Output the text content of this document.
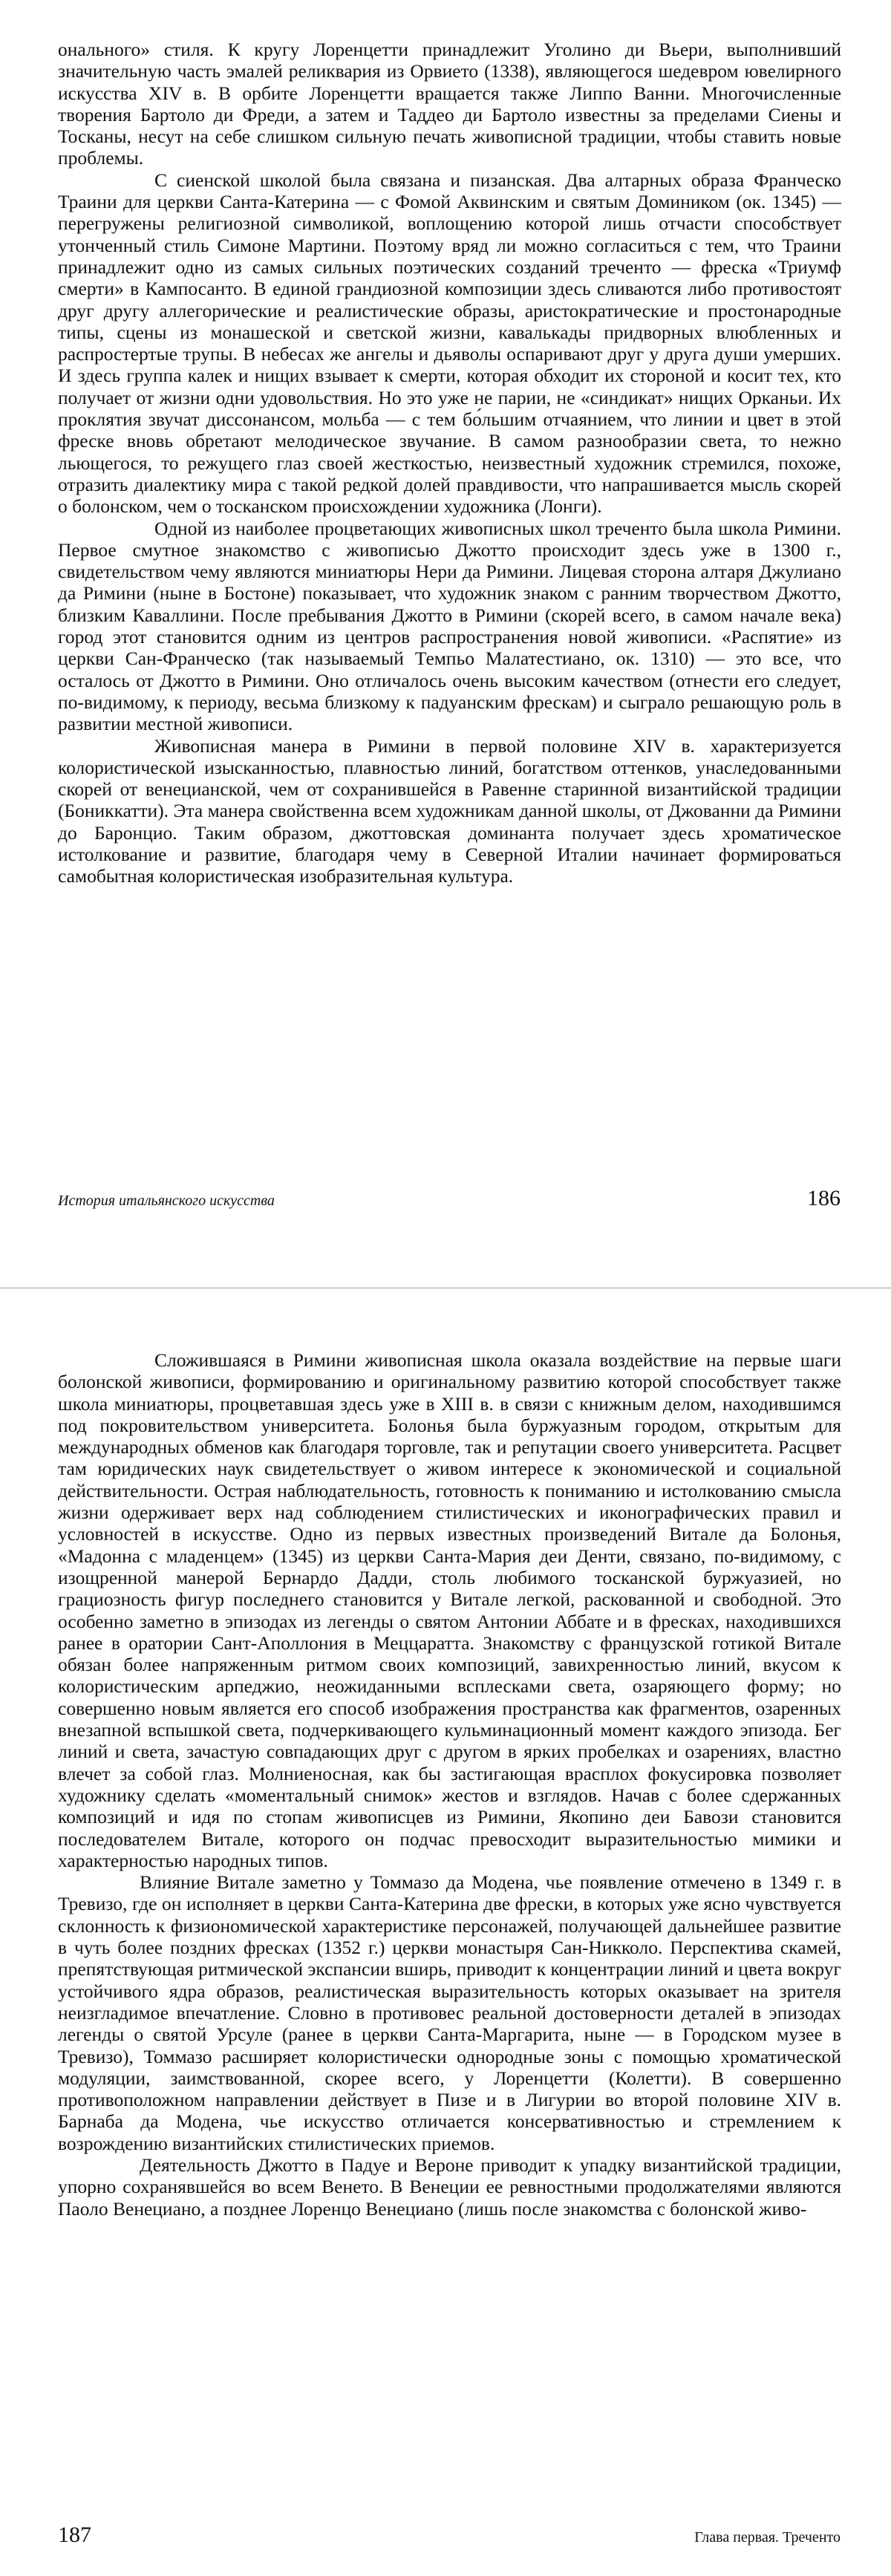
онального» стиля. К кругу Лоренцетти принадлежит Уголино ди Вьери, выполнивший значительную часть эмалей реликвария из Орвието (1338), являющегося шедевром ювелирного искусства XIV в. В орбите Лоренцетти вращается также Липпо Ванни. Многочисленные творения Бартоло ди Фреди, а затем и Таддео ди Бартоло известны за пределами Сиены и Тосканы, несут на себе слишком сильную печать живописной традиции, чтобы ставить новые проблемы.

С сиенской школой была связана и пизанская. Два алтарных образа Франческо Траини для церкви Санта-Катерина — с Фомой Аквинским и святым Домиником (ок. 1345) — перегружены религиозной символикой, воплощению которой лишь отчасти способствует утонченный стиль Симоне Мартини. Поэтому вряд ли можно согласиться с тем, что Траини принадлежит одно из самых сильных поэтических созданий треченто — фреска «Триумф смерти» в Кампосанто. В единой грандиозной композиции здесь сливаются либо противостоят друг другу аллегорические и реалистические образы, аристократические и простонародные типы, сцены из монашеской и светской жизни, кавалькады придворных влюбленных и распростертые трупы. В небесах же ангелы и дьяволы оспаривают друг у друга души умерших. И здесь группа калек и нищих взывает к смерти, которая обходит их стороной и косит тех, кто получает от жизни одни удовольствия. Но это уже не парии, не «синдикат» нищих Орканьи. Их проклятия звучат диссонансом, мольба — с тем бо́льшим отчаянием, что линии и цвет в этой фреске вновь обретают мелодическое звучание. В самом разнообразии света, то нежно льющегося, то режущего глаз своей жесткостью, неизвестный художник стремился, похоже, отразить диалектику мира с такой редкой долей правдивости, что напрашивается мысль скорей о болонском, чем о тосканском происхождении художника (Лонги).

Одной из наиболее процветающих живописных школ треченто была школа Римини. Первое смутное знакомство с живописью Джотто происходит здесь уже в 1300 г., свидетельством чему являются миниатюры Нери да Римини. Лицевая сторона алтаря Джулиано да Римини (ныне в Бостоне) показывает, что художник знаком с ранним творчеством Джотто, близким Каваллини. После пребывания Джотто в Римини (скорей всего, в самом начале века) город этот становится одним из центров распространения новой живописи. «Распятие» из церкви Сан-Франческо (так называемый Темпьо Малатестиано, ок. 1310) — это все, что осталось от Джотто в Римини. Оно отличалось очень высоким качеством (отнести его следует, по-видимому, к периоду, весьма близкому к падуанским фрескам) и сыграло решающую роль в развитии местной живописи.

Живописная манера в Римини в первой половине XIV в. характеризуется колористической изысканностью, плавностью линий, богатством оттенков, унаследованными скорей от венецианской, чем от сохранившейся в Равенне старинной византийской традиции (Бониккатти). Эта манера свойственна всем художникам данной школы, от Джованни да Римини до Баронцио. Таким образом, джоттовская доминанта получает здесь хроматическое истолкование и развитие, благодаря чему в Северной Италии начинает формироваться самобытная колористическая изобразительная культура.

История итальянского искусства	186

Сложившаяся в Римини живописная школа оказала воздействие на первые шаги болонской живописи, формированию и оригинальному развитию которой способствует также школа миниатюры, процветавшая здесь уже в XIII в. в связи с книжным делом, находившимся под покровительством университета. Болонья была буржуазным городом, открытым для международных обменов как благодаря торговле, так и репутации своего университета. Расцвет там юридических наук свидетельствует о живом интересе к экономической и социальной действительности. Острая наблюдательность, готовность к пониманию и истолкованию смысла жизни одерживает верх над соблюдением стилистических и иконографических правил и условностей в искусстве. Одно из первых известных произведений Витале да Болонья, «Мадонна с младенцем» (1345) из церкви Санта-Мария деи Денти, связано, по-видимому, с изощренной манерой Бернардо Дадди, столь любимого тосканской буржуазией, но грациозность фигур последнего становится у Витале легкой, раскованной и свободной. Это особенно заметно в эпизодах из легенды о святом Антонии Аббате и в фресках, находившихся ранее в оратории Сант-Аполлония в Меццаратта. Знакомству с французской готикой Витале обязан более напряженным ритмом своих композиций, завихренностью линий, вкусом к колористическим арпеджио, неожиданными всплесками света, озаряющего форму; но совершенно новым является его способ изображения пространства как фрагментов, озаренных внезапной вспышкой света, подчеркивающего кульминационный момент каждого эпизода. Бег линий и света, зачастую совпадающих друг с другом в ярких пробелках и озарениях, властно влечет за собой глаз. Молниеносная, как бы застигающая врасплох фокусировка позволяет художнику сделать «моментальный снимок» жестов и взглядов. Начав с более сдержанных композиций и идя по стопам живописцев из Римини, Якопино деи Бавози становится последователем Витале, которого он подчас превосходит выразительностью мимики и характерностью народных типов.

Влияние Витале заметно у Томмазо да Модена, чье появление отмечено в 1349 г. в Тревизо, где он исполняет в церкви Санта-Катерина две фрески, в которых уже ясно чувствуется склонность к физиономической характеристике персонажей, получающей дальнейшее развитие в чуть более поздних фресках (1352 г.) церкви монастыря Сан-Никколо. Перспектива скамей, препятствующая ритмической экспансии вширь, приводит к концентрации линий и цвета вокруг устойчивого ядра образов, реалистическая выразительность которых оказывает на зрителя неизгладимое впечатление. Словно в противовес реальной достоверности деталей в эпизодах легенды о святой Урсуле (ранее в церкви Санта-Маргарита, ныне — в Городском музее в Тревизо), Томмазо расширяет колористически однородные зоны с помощью хроматической модуляции, заимствованной, скорее всего, у Лоренцетти (Колетти). В совершенно противоположном направлении действует в Пизе и в Лигурии во второй половине XIV в. Барнаба да Модена, чье искусство отличается консервативностью и стремлением к возрождению византийских стилистических приемов.

Деятельность Джотто в Падуе и Вероне приводит к упадку византийской традиции, упорно сохранявшейся во всем Венето. В Венеции ее ревностными продолжателями являются Паоло Венециано, а позднее Лоренцо Венециано (лишь после знакомства с болонской живо-

187	Глава первая. Треченто
